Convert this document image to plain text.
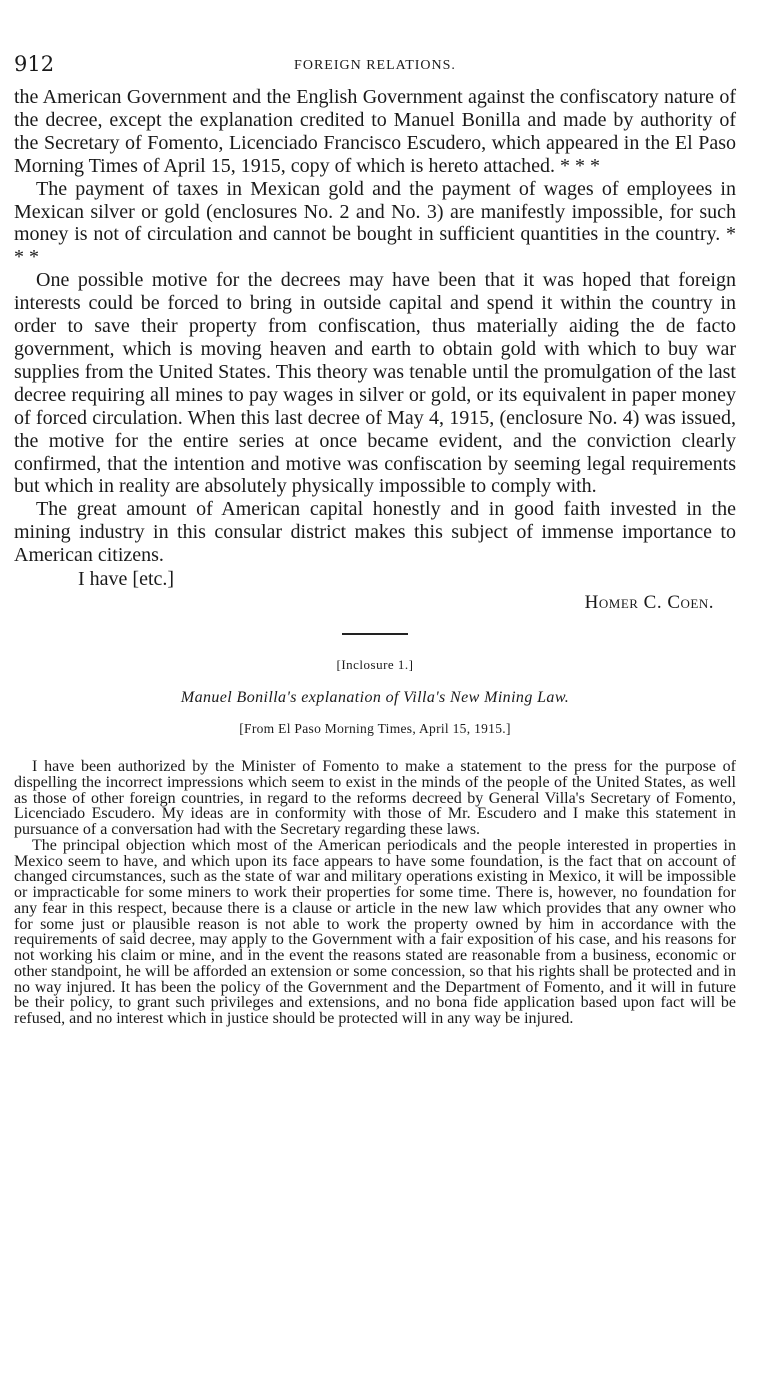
912	FOREIGN RELATIONS.

the American Government and the English Government against the confiscatory nature of the decree, except the explanation credited to Manuel Bonilla and made by authority of the Secretary of Fomento, Licenciado Francisco Escudero, which appeared in the El Paso Morning Times of April 15, 1915, copy of which is hereto attached. * * *

The payment of taxes in Mexican gold and the payment of wages of employees in Mexican silver or gold (enclosures No. 2 and No. 3) are manifestly impossible, for such money is not of circulation and cannot be bought in sufficient quantities in the country. * * *

One possible motive for the decrees may have been that it was hoped that foreign interests could be forced to bring in outside capital and spend it within the country in order to save their property from confiscation, thus materially aiding the de facto government, which is moving heaven and earth to obtain gold with which to buy war supplies from the United States. This theory was tenable until the promulgation of the last decree requiring all mines to pay wages in silver or gold, or its equivalent in paper money of forced circulation. When this last decree of May 4, 1915, (enclosure No. 4) was issued, the motive for the entire series at once became evident, and the conviction clearly confirmed, that the intention and motive was confiscation by seeming legal requirements but which in reality are absolutely physically impossible to comply with.

The great amount of American capital honestly and in good faith invested in the mining industry in this consular district makes this subject of immense importance to American citizens.

I have [etc.]
Homer C. Coen.
[Inclosure 1.]
Manuel Bonilla's explanation of Villa's New Mining Law.
[From El Paso Morning Times, April 15, 1915.]

I have been authorized by the Minister of Fomento to make a statement to the press for the purpose of dispelling the incorrect impressions which seem to exist in the minds of the people of the United States, as well as those of other foreign countries, in regard to the reforms decreed by General Villa's Secretary of Fomento, Licenciado Escudero. My ideas are in conformity with those of Mr. Escudero and I make this statement in pursuance of a conversation had with the Secretary regarding these laws.

The principal objection which most of the American periodicals and the people interested in properties in Mexico seem to have, and which upon its face appears to have some foundation, is the fact that on account of changed circumstances, such as the state of war and military operations existing in Mexico, it will be impossible or impracticable for some miners to work their properties for some time. There is, however, no foundation for any fear in this respect, because there is a clause or article in the new law which provides that any owner who for some just or plausible reason is not able to work the property owned by him in accordance with the requirements of said decree, may apply to the Government with a fair exposition of his case, and his reasons for not working his claim or mine, and in the event the reasons stated are reasonable from a business, economic or other standpoint, he will be afforded an extension or some concession, so that his rights shall be protected and in no way injured. It has been the policy of the Government and the Department of Fomento, and it will in future be their policy, to grant such privileges and extensions, and no bona fide application based upon fact will be refused, and no interest which in justice should be protected will in any way be injured.
